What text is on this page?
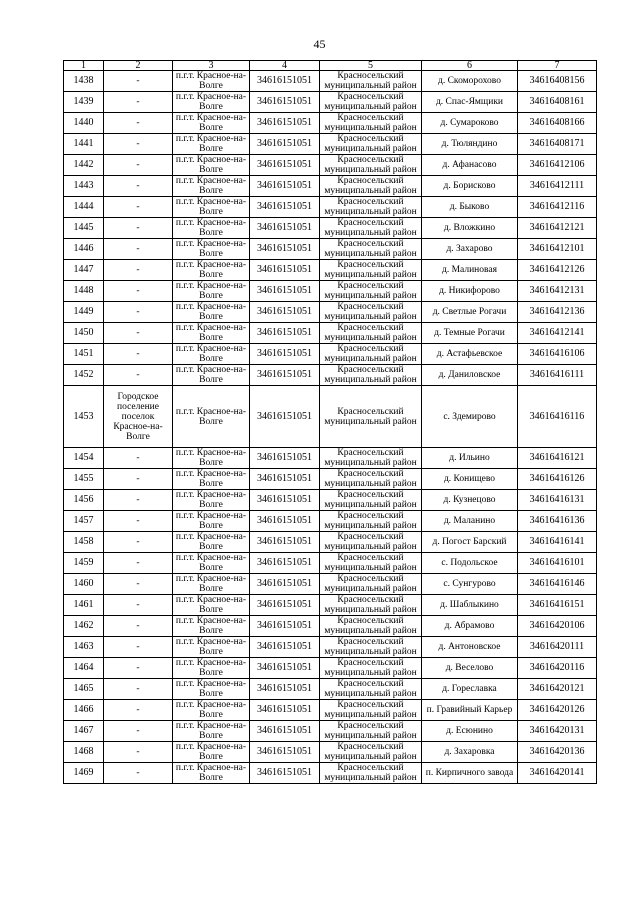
45
1	2	3	4	5	6	7
1438	-	п.г.т. Красное-на-Волге	34616151051	Красносельский муниципальный район	д. Скоморохово	34616408156
1439	-	п.г.т. Красное-на-Волге	34616151051	Красносельский муниципальный район	д. Спас-Ямщики	34616408161
1440	-	п.г.т. Красное-на-Волге	34616151051	Красносельский муниципальный район	д. Сумароково	34616408166
1441	-	п.г.т. Красное-на-Волге	34616151051	Красносельский муниципальный район	д. Тюляндино	34616408171
1442	-	п.г.т. Красное-на-Волге	34616151051	Красносельский муниципальный район	д. Афанасово	34616412106
1443	-	п.г.т. Красное-на-Волге	34616151051	Красносельский муниципальный район	д. Борисково	34616412111
1444	-	п.г.т. Красное-на-Волге	34616151051	Красносельский муниципальный район	д. Быково	34616412116
1445	-	п.г.т. Красное-на-Волге	34616151051	Красносельский муниципальный район	д. Вложкино	34616412121
1446	-	п.г.т. Красное-на-Волге	34616151051	Красносельский муниципальный район	д. Захарово	34616412101
1447	-	п.г.т. Красное-на-Волге	34616151051	Красносельский муниципальный район	д. Малиновая	34616412126
1448	-	п.г.т. Красное-на-Волге	34616151051	Красносельский муниципальный район	д. Никифорово	34616412131
1449	-	п.г.т. Красное-на-Волге	34616151051	Красносельский муниципальный район	д. Светлые Рогачи	34616412136
1450	-	п.г.т. Красное-на-Волге	34616151051	Красносельский муниципальный район	д. Темные Рогачи	34616412141
1451	-	п.г.т. Красное-на-Волге	34616151051	Красносельский муниципальный район	д. Астафьевское	34616416106
1452	-	п.г.т. Красное-на-Волге	34616151051	Красносельский муниципальный район	д. Даниловское	34616416111
1453	Городское поселение поселок Красное-на-Волге	п.г.т. Красное-на-Волге	34616151051	Красносельский муниципальный район	с. Здемирово	34616416116
1454	-	п.г.т. Красное-на-Волге	34616151051	Красносельский муниципальный район	д. Ильино	34616416121
1455	-	п.г.т. Красное-на-Волге	34616151051	Красносельский муниципальный район	д. Конищево	34616416126
1456	-	п.г.т. Красное-на-Волге	34616151051	Красносельский муниципальный район	д. Кузнецово	34616416131
1457	-	п.г.т. Красное-на-Волге	34616151051	Красносельский муниципальный район	д. Маланино	34616416136
1458	-	п.г.т. Красное-на-Волге	34616151051	Красносельский муниципальный район	д. Погост Барский	34616416141
1459	-	п.г.т. Красное-на-Волге	34616151051	Красносельский муниципальный район	с. Подольское	34616416101
1460	-	п.г.т. Красное-на-Волге	34616151051	Красносельский муниципальный район	с. Сунгурово	34616416146
1461	-	п.г.т. Красное-на-Волге	34616151051	Красносельский муниципальный район	д. Шаблыкино	34616416151
1462	-	п.г.т. Красное-на-Волге	34616151051	Красносельский муниципальный район	д. Абрамово	34616420106
1463	-	п.г.т. Красное-на-Волге	34616151051	Красносельский муниципальный район	д. Антоновское	34616420111
1464	-	п.г.т. Красное-на-Волге	34616151051	Красносельский муниципальный район	д. Веселово	34616420116
1465	-	п.г.т. Красное-на-Волге	34616151051	Красносельский муниципальный район	д. Гореславка	34616420121
1466	-	п.г.т. Красное-на-Волге	34616151051	Красносельский муниципальный район	п. Гравийный Карьер	34616420126
1467	-	п.г.т. Красное-на-Волге	34616151051	Красносельский муниципальный район	д. Есюнино	34616420131
1468	-	п.г.т. Красное-на-Волге	34616151051	Красносельский муниципальный район	д. Захаровка	34616420136
1469	-	п.г.т. Красное-на-Волге	34616151051	Красносельский муниципальный район	п. Кирпичного завода	34616420141
